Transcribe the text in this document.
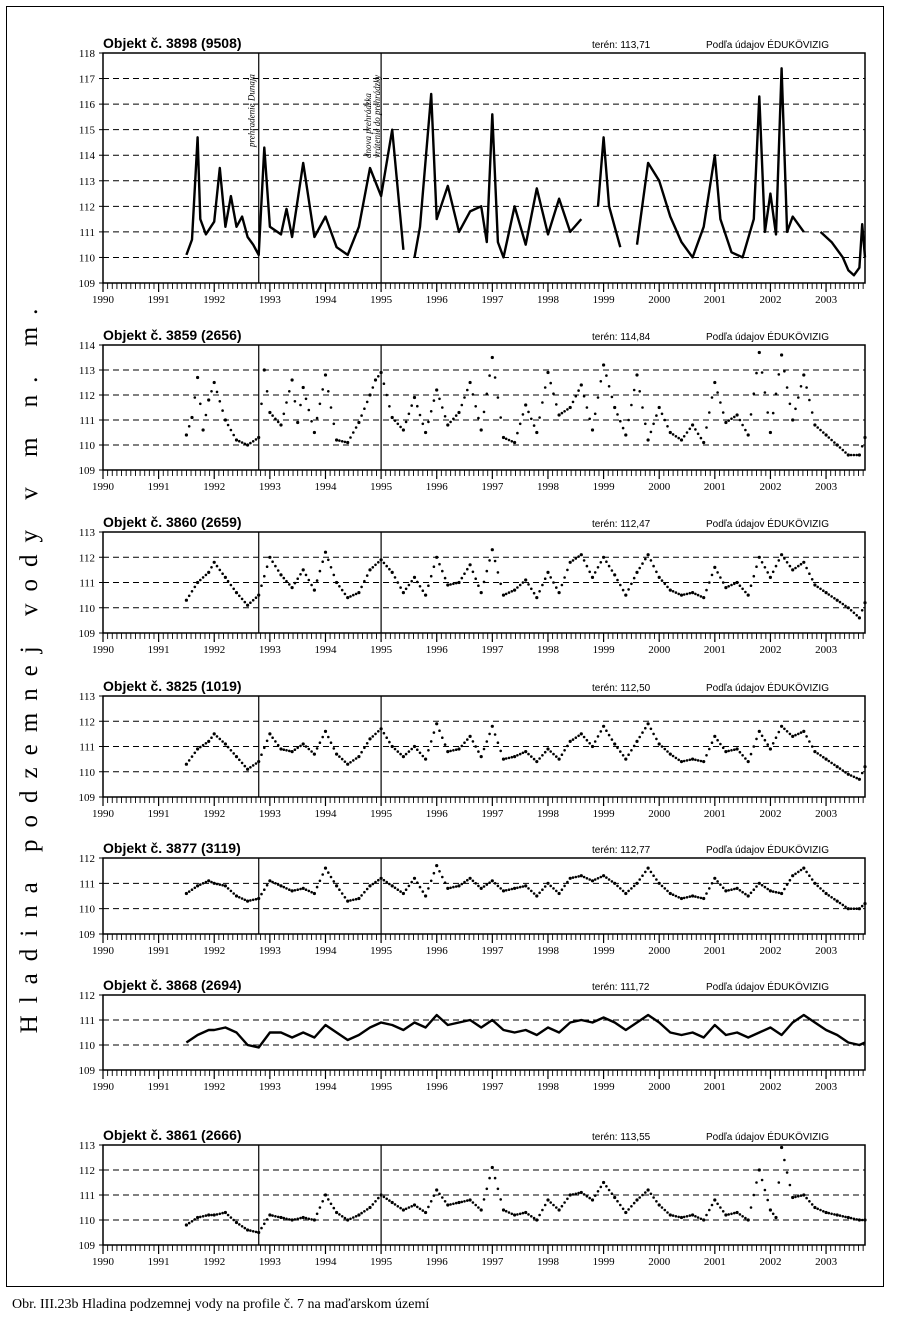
Hladina podzemnej vody v m n. m.
Objekt č. 3898 (9508)	terén: 113,71	Podľa údajov ÉDUKÖVIZIG
109
110
111
112
113
114
115
116
117
118
1990	1991	1992	1993	1994	1995	1996	1997	1998	1999	2000	2001	2002	2003
prehradenie Dunaja	dnova prehrádzka vrátenie do prehrádzky
Objekt č. 3859 (2656)	terén: 114,84	Podľa údajov ÉDUKÖVIZIG
109
110
111
112
113
114
1990	1991	1992	1993	1994	1995	1996	1997	1998	1999	2000	2001	2002	2003
Objekt č. 3860 (2659)	terén: 112,47	Podľa údajov ÉDUKÖVIZIG
109
110
111
112
113
1990	1991	1992	1993	1994	1995	1996	1997	1998	1999	2000	2001	2002	2003
Objekt č. 3825 (1019)	terén: 112,50	Podľa údajov ÉDUKÖVIZIG
109
110
111
112
113
1990	1991	1992	1993	1994	1995	1996	1997	1998	1999	2000	2001	2002	2003
Objekt č. 3877 (3119)	terén: 112,77	Podľa údajov ÉDUKÖVIZIG
109
110
111
112
1990	1991	1992	1993	1994	1995	1996	1997	1998	1999	2000	2001	2002	2003
Objekt č. 3868 (2694)	terén: 111,72	Podľa údajov ÉDUKÖVIZIG
109
110
111
112
1990	1991	1992	1993	1994	1995	1996	1997	1998	1999	2000	2001	2002	2003
Objekt č. 3861 (2666)	terén: 113,55	Podľa údajov ÉDUKÖVIZIG
109
110
111
112
113
1990	1991	1992	1993	1994	1995	1996	1997	1998	1999	2000	2001	2002	2003
Obr. III.23b Hladina podzemnej vody na profile č. 7 na maďarskom území
